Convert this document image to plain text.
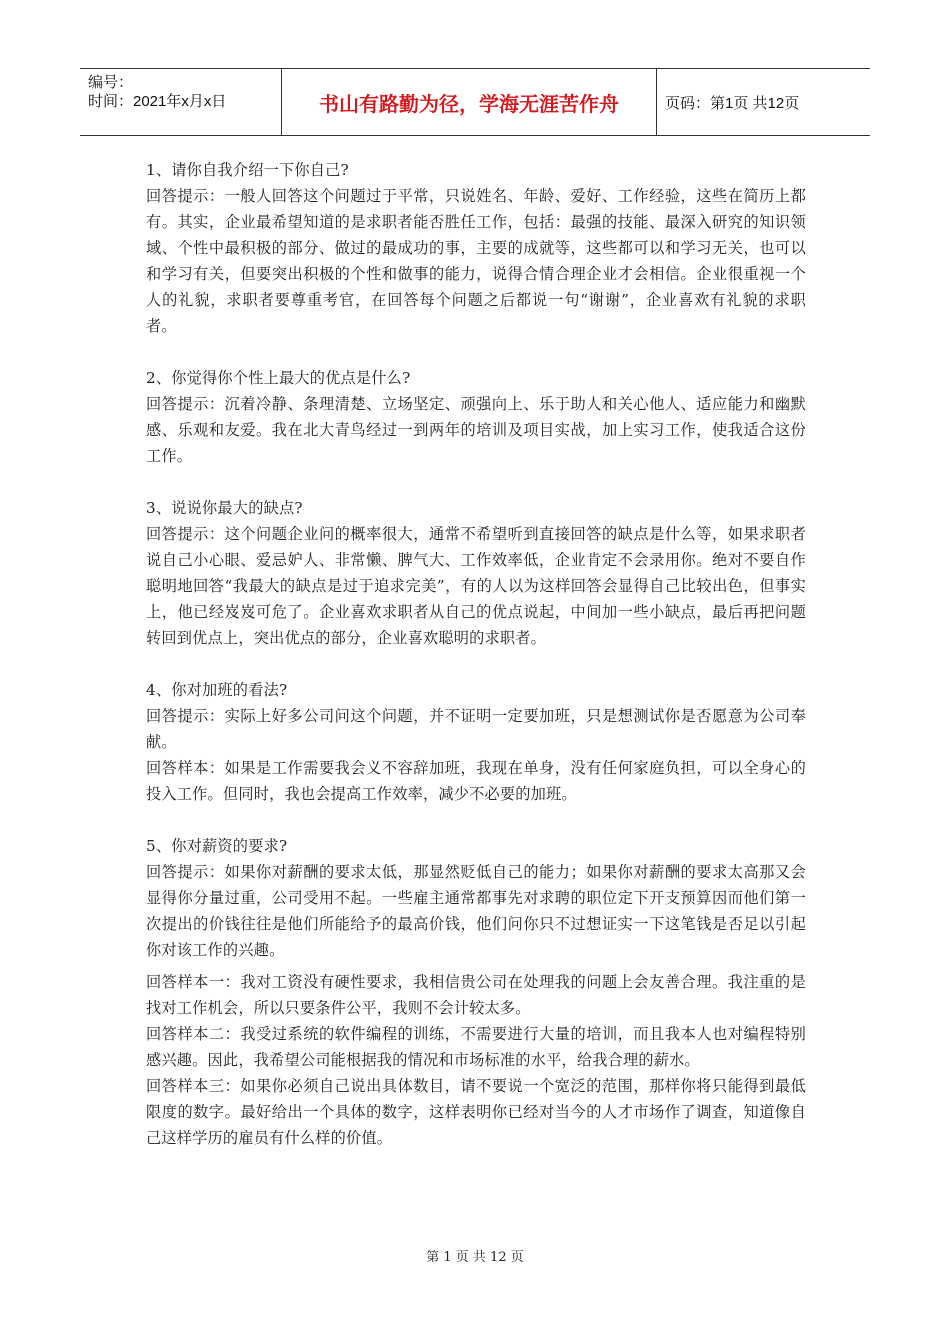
编号：
时间：2021年x月x日	书山有路勤为径，学海无涯苦作舟	页码：第1页 共12页

1、请你自我介绍一下你自己?

回答提示：一般人回答这个问题过于平常，只说姓名、年龄、爱好、工作经验，这些在简历上都有。其实，企业最希望知道的是求职者能否胜任工作，包括：最强的技能、最深入研究的知识领域、个性中最积极的部分、做过的最成功的事，主要的成就等，这些都可以和学习无关，也可以和学习有关，但要突出积极的个性和做事的能力，说得合情合理企业才会相信。企业很重视一个人的礼貌，求职者要尊重考官，在回答每个问题之后都说一句“谢谢”，企业喜欢有礼貌的求职者。

2、你觉得你个性上最大的优点是什么?

回答提示：沉着冷静、条理清楚、立场坚定、顽强向上、乐于助人和关心他人、适应能力和幽默感、乐观和友爱。我在北大青鸟经过一到两年的培训及项目实战，加上实习工作，使我适合这份工作。

3、说说你最大的缺点?

回答提示：这个问题企业问的概率很大，通常不希望听到直接回答的缺点是什么等，如果求职者说自己小心眼、爱忌妒人、非常懒、脾气大、工作效率低，企业肯定不会录用你。绝对不要自作聪明地回答“我最大的缺点是过于追求完美”，有的人以为这样回答会显得自己比较出色，但事实上，他已经岌岌可危了。企业喜欢求职者从自己的优点说起，中间加一些小缺点，最后再把问题转回到优点上，突出优点的部分，企业喜欢聪明的求职者。

4、你对加班的看法?

回答提示：实际上好多公司问这个问题，并不证明一定要加班，只是想测试你是否愿意为公司奉献。

回答样本：如果是工作需要我会义不容辞加班，我现在单身，没有任何家庭负担，可以全身心的投入工作。但同时，我也会提高工作效率，减少不必要的加班。

5、你对薪资的要求?

回答提示：如果你对薪酬的要求太低，那显然贬低自己的能力；如果你对薪酬的要求太高那又会显得你分量过重，公司受用不起。一些雇主通常都事先对求聘的职位定下开支预算因而他们第一次提出的价钱往往是他们所能给予的最高价钱，他们问你只不过想证实一下这笔钱是否足以引起你对该工作的兴趣。

回答样本一：我对工资没有硬性要求，我相信贵公司在处理我的问题上会友善合理。我注重的是找对工作机会，所以只要条件公平，我则不会计较太多。

回答样本二：我受过系统的软件编程的训练，不需要进行大量的培训，而且我本人也对编程特别感兴趣。因此，我希望公司能根据我的情况和市场标准的水平，给我合理的薪水。

回答样本三：如果你必须自己说出具体数目，请不要说一个宽泛的范围，那样你将只能得到最低限度的数字。最好给出一个具体的数字，这样表明你已经对当今的人才市场作了调查，知道像自己这样学历的雇员有什么样的价值。

第 1 页 共 12 页
